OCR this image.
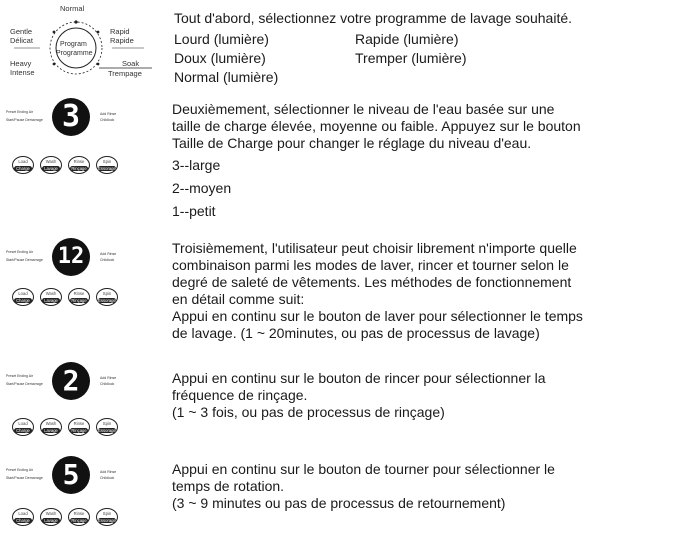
Normal
Gentle
Délicat
Heavy
Intense
Rapid
Rapide
Soak
Trempage
Program
Programme
Preset Ending Air
Start/Pause Demarrage 3	Add Rinse
Childlock
Load
Charge
Wash
Lavage
Rinse
Rinçage
Spin
Essorage
Preset Ending Air
Start/Pause Demarrage 12	Add Rinse
Childlock
Load
Charge
Wash
Lavage
Rinse
Rinçage
Spin
Essorage
Preset Ending Air
Start/Pause Demarrage 2	Add Rinse
Childlock
Load
Charge
Wash
Lavage
Rinse
Rinçage
Spin
Essorage
Preset Ending Air
Start/Pause Demarrage 5	Add Rinse
Childlock
Load
Charge
Wash
Lavage
Rinse
Rinçage
Spin
Essorage
Tout d'abord, sélectionnez votre programme de lavage souhaité.
Lourd (lumière)	Rapide (lumière)
Doux (lumière)	Tremper (lumière)
Normal (lumière)
Deuxièmement, sélectionner le niveau de l'eau basée sur une
taille de charge élevée, moyenne ou faible. Appuyez sur le bouton
Taille de Charge pour changer le réglage du niveau d'eau.
3--large
2--moyen
1--petit
Troisièmement, l'utilisateur peut choisir librement n'importe quelle
combinaison parmi les modes de laver, rincer et tourner selon le
degré de saleté de vêtements. Les méthodes de fonctionnement
en détail comme suit:
Appui en continu sur le bouton de laver pour sélectionner le temps
de lavage. (1 ~ 20minutes, ou pas de processus de lavage)
Appui en continu sur le bouton de rincer pour sélectionner la
fréquence de rinçage.
(1 ~ 3 fois, ou pas de processus de rinçage)
Appui en continu sur le bouton de tourner pour sélectionner le
temps de rotation.
(3 ~ 9 minutes ou pas de processus de retournement)
